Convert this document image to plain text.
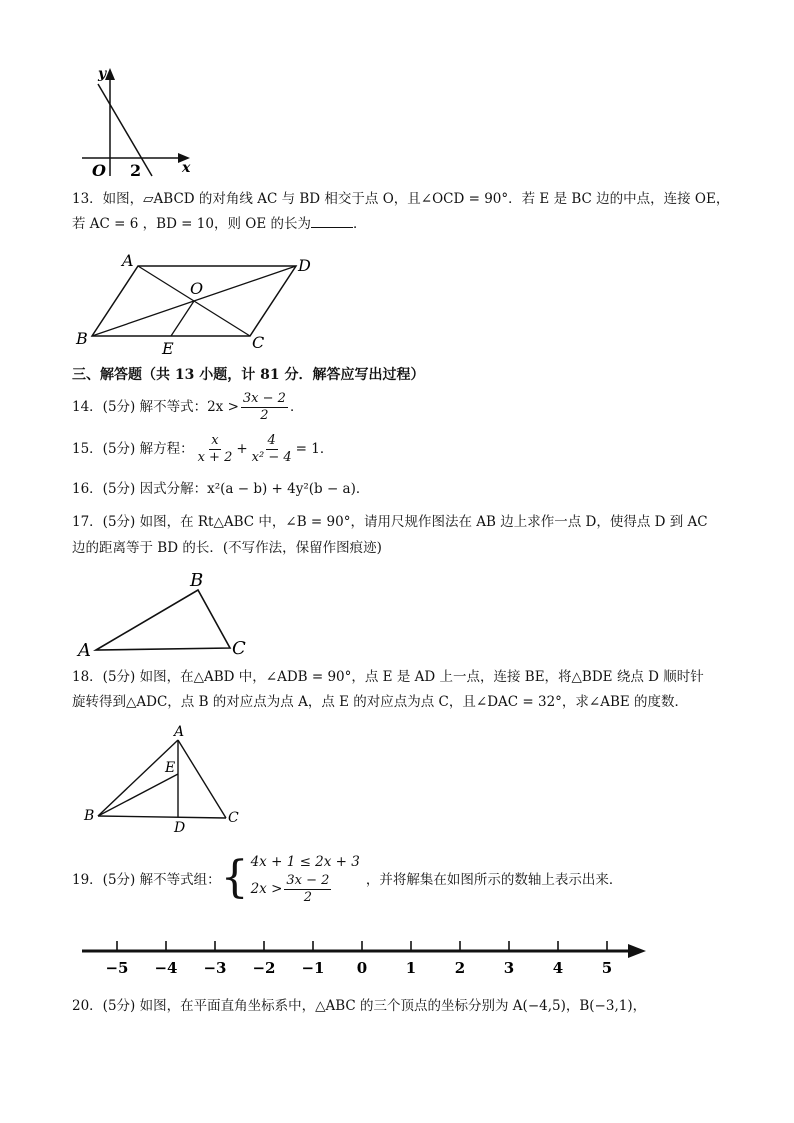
y
x
O 2
13．如图，▱ABCD 的对角线 AC 与 BD 相交于点 O，且∠OCD = 90°．若 E 是 BC 边的中点，连接 OE，
若 AC = 6 ，BD = 10，则 OE 的长为	．
A	D
O
B
E	C
三、解答题（共 13 小题，计 81 分．解答应写出过程）
14．(5分) 解不等式：$2x > \frac{3x - 2}{2}$ ．
15．(5分) 解方程： $\frac{x}{x + 2} + \frac{4}{\text{x² − 4}} = 1$．
16．(5分) 因式分解：x²(a − b) + 4y²(b − a)．
17．(5分) 如图，在 Rt△ABC 中，∠B = 90°，请用尺规作图法在 AB 边上求作一点 D，使得点 D 到 AC
边的距离等于 BD 的长．(不写作法，保留作图痕迹)
A
B
C
18．(5分) 如图，在△ABD 中，∠ADB = 90°，点 E 是 AD 上一点，连接 BE，将△BDE 绕点 D 顺时针
旋转得到△ADC，点 B 的对应点为点 A，点 E 的对应点为点 C，且∠DAC = 32°，求∠ABE 的度数．
A
E
B
D
C
19．(5分) 解不等式组： { 4x + 1 ≤ 2x + 3
$2x > \frac{3x - 2}{2}$	，并将解集在如图所示的数轴上表示出来．
−5 −4 −3 −2 −1 0	1	2	3	4	5
20．(5分) 如图，在平面直角坐标系中，△ABC 的三个顶点的坐标分别为 A(−4,5)，B(−3,1)，
